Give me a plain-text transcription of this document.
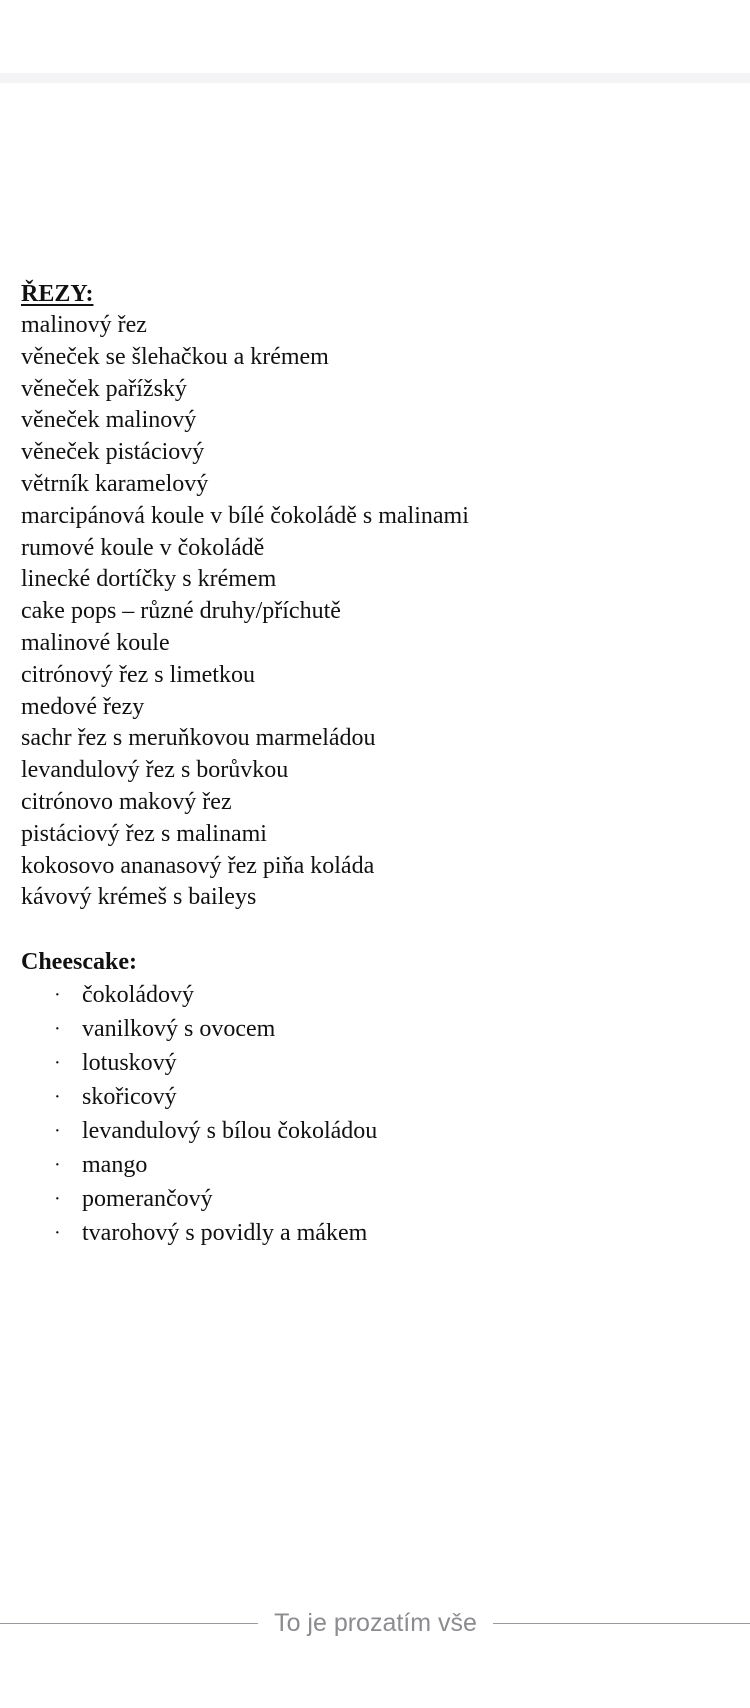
ŘEZY:
malinový řez
věneček se šlehačkou a krémem
věneček pařížský
věneček malinový
věneček pistáciový
větrník karamelový
marcipánová koule v bílé čokoládě s malinami
rumové koule v čokoládě
linecké dortíčky s krémem
cake pops – různé druhy/příchutě
malinové koule
citrónový řez s limetkou
medové řezy
sachr řez s meruňkovou marmeládou
levandulový řez s borůvkou
citrónovo makový řez
pistáciový řez s malinami
kokosovo ananasový řez piňa koláda
kávový krémeš s baileys
Cheescake:
· čokoládový
· vanilkový s ovocem
· lotuskový
· skořicový
· levandulový s bílou čokoládou
· mango
· pomerančový
· tvarohový s povidly a mákem
To je prozatím vše
